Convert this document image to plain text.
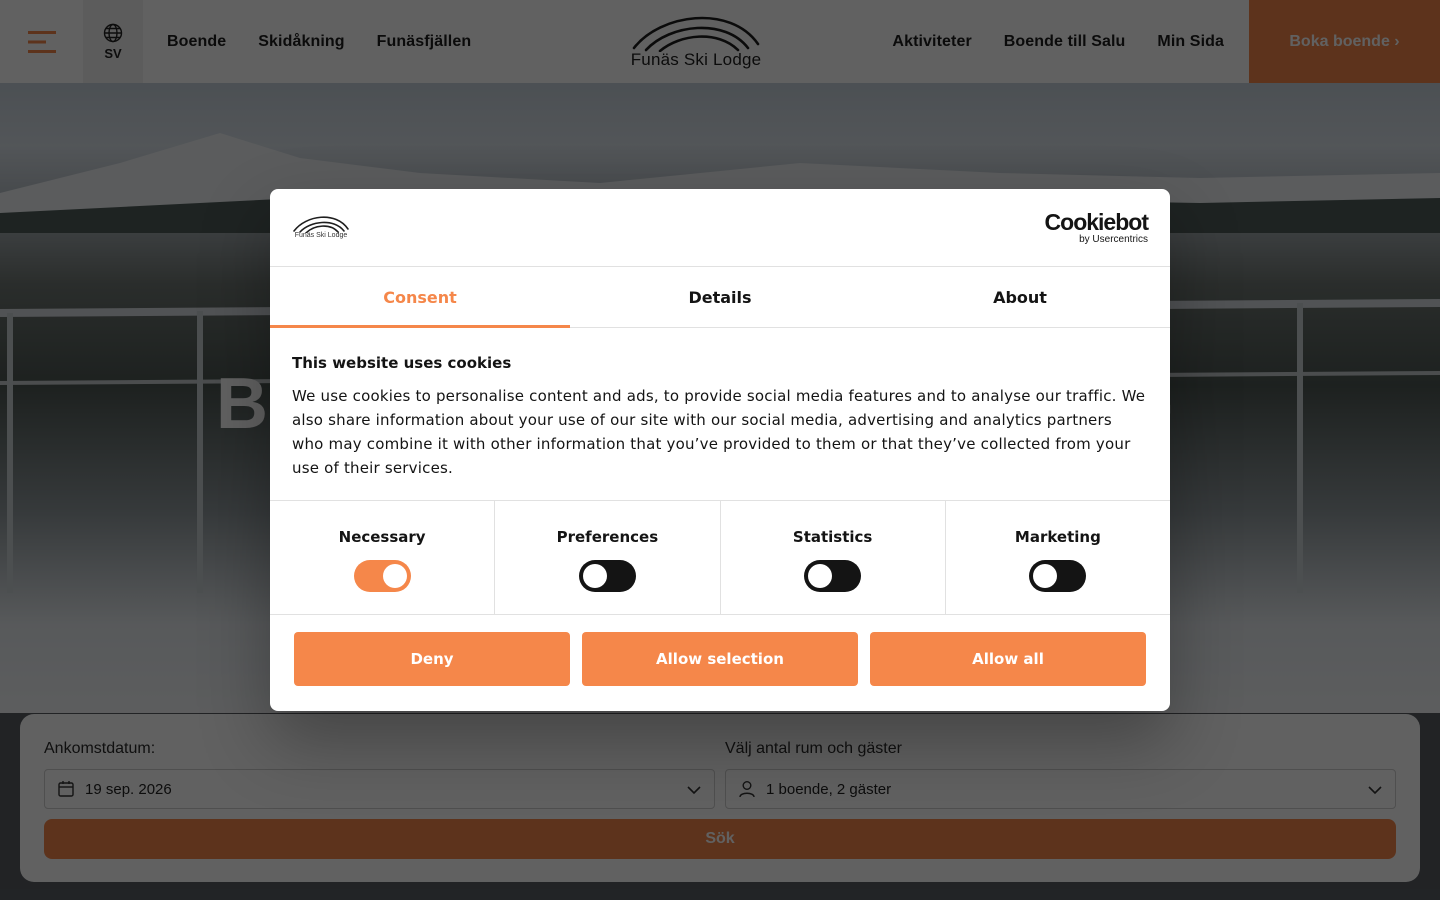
Funäs Ski Lodge
Cookiebot
by Usercentrics
Consent	Details	About
This website uses cookies

We use cookies to personalise content and ads, to provide social media features and to analyse our traffic. We also share information about your use of our site with our social media, advertising and analytics partners who may combine it with other information that you’ve provided to them or that they’ve collected from your use of their services.

Necessary	Preferences	Statistics	Marketing
Deny	Allow selection	Allow all
